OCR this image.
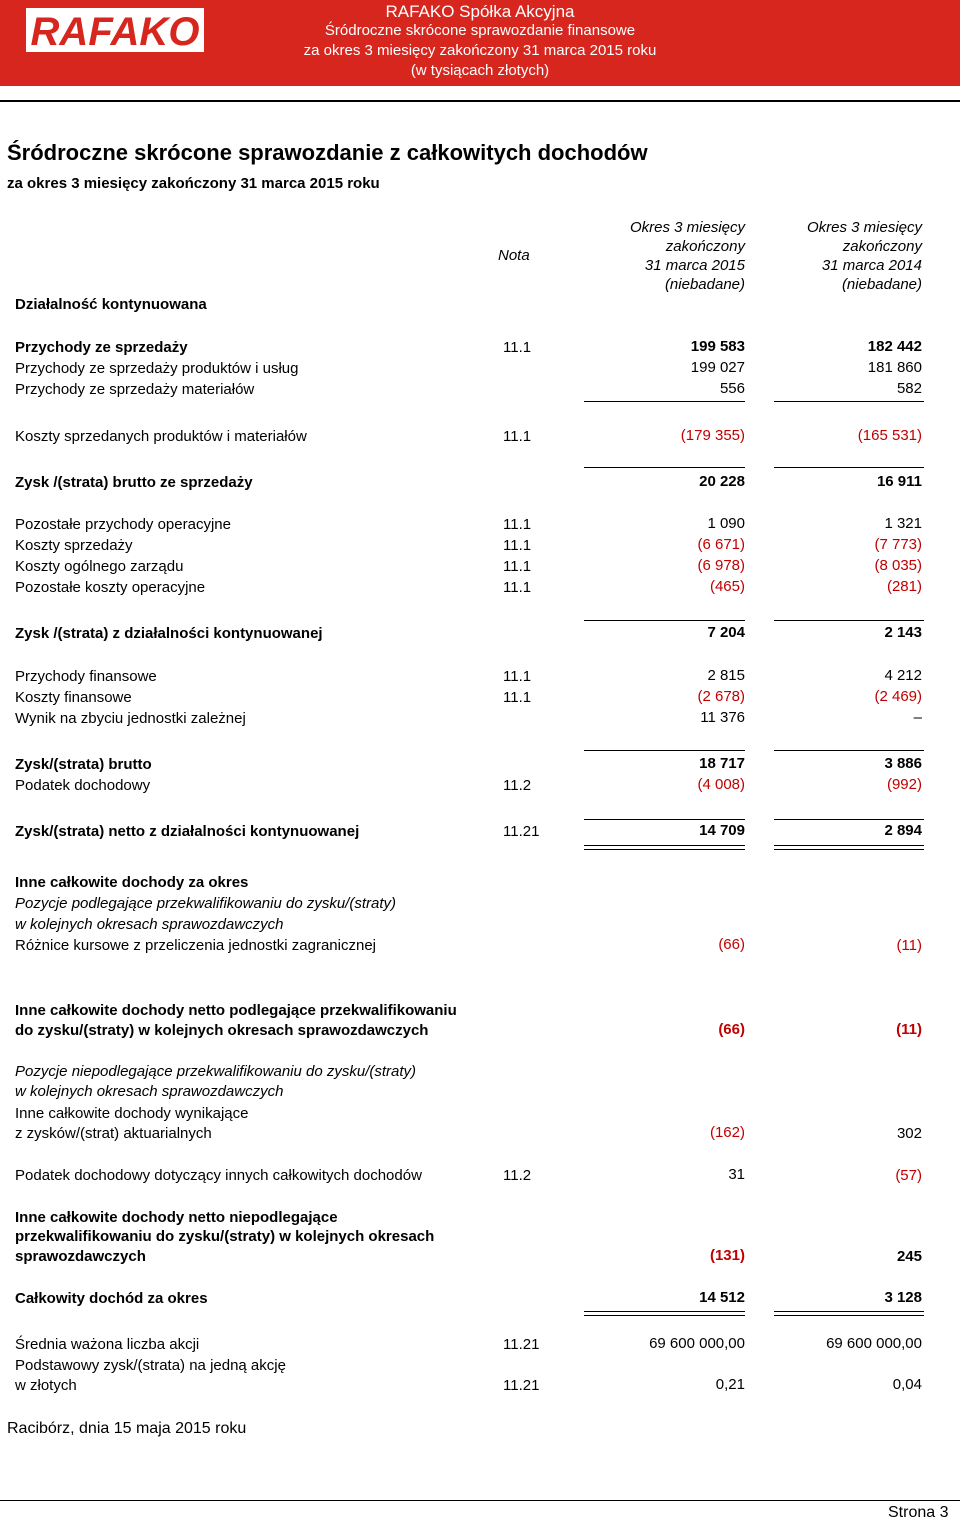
RAFAKO	RAFAKO Spółka Akcyjna
Śródroczne skrócone sprawozdanie finansowe
za okres 3 miesięcy zakończony 31 marca 2015 roku
(w tysiącach złotych)
Śródroczne skrócone sprawozdanie z całkowitych dochodów
za okres 3 miesięcy zakończony 31 marca 2015 roku
Nota
Okres 3 miesięcy
zakończony
31 marca 2015
(niebadane)
Okres 3 miesięcy
zakończony
31 marca 2014
(niebadane)
Działalność kontynuowana
Przychody ze sprzedaży	11.1	199 583	182 442
Przychody ze sprzedaży produktów i usług	199 027	181 860
Przychody ze sprzedaży materiałów	556	582
Koszty sprzedanych produktów i materiałów	11.1	(179 355)	(165 531)
Zysk /(strata) brutto ze sprzedaży	20 228	16 911
Pozostałe przychody operacyjne	11.1	1 090	1 321
Koszty sprzedaży	11.1	(6 671)	(7 773)
Koszty ogólnego zarządu	11.1	(6 978)	(8 035)
Pozostałe koszty operacyjne	11.1	(465)	(281)
Zysk /(strata) z działalności kontynuowanej	7 204	2 143
Przychody finansowe	11.1	2 815	4 212
Koszty finansowe	11.1	(2 678)	(2 469)
Wynik na zbyciu jednostki zależnej	11 376	–
Zysk/(strata) brutto	18 717	3 886
Podatek dochodowy	11.2	(4 008)	(992)
Zysk/(strata) netto z działalności kontynuowanej	11.21	14 709	2 894
Inne całkowite dochody za okres
Pozycje podlegające przekwalifikowaniu do zysku/(straty)
w kolejnych okresach sprawozdawczych
Różnice kursowe z przeliczenia jednostki zagranicznej	(66)	(11)
Inne całkowite dochody netto podlegające przekwalifikowaniu
do zysku/(straty) w kolejnych okresach sprawozdawczych	(66)	(11)
Pozycje niepodlegające przekwalifikowaniu do zysku/(straty)
w kolejnych okresach sprawozdawczych
Inne całkowite dochody wynikające
z zysków/(strat) aktuarialnych	(162)	302
Podatek dochodowy dotyczący innych całkowitych dochodów	11.2	31	(57)
Inne całkowite dochody netto niepodlegające
przekwalifikowaniu do zysku/(straty) w kolejnych okresach
sprawozdawczych	(131)	245
Całkowity dochód za okres	14 512	3 128
Średnia ważona liczba akcji	11.21	69 600 000,00	69 600 000,00
Podstawowy zysk/(strata) na jedną akcję
w złotych	11.21	0,21	0,04
Racibórz, dnia 15 maja 2015 roku
Strona 3
